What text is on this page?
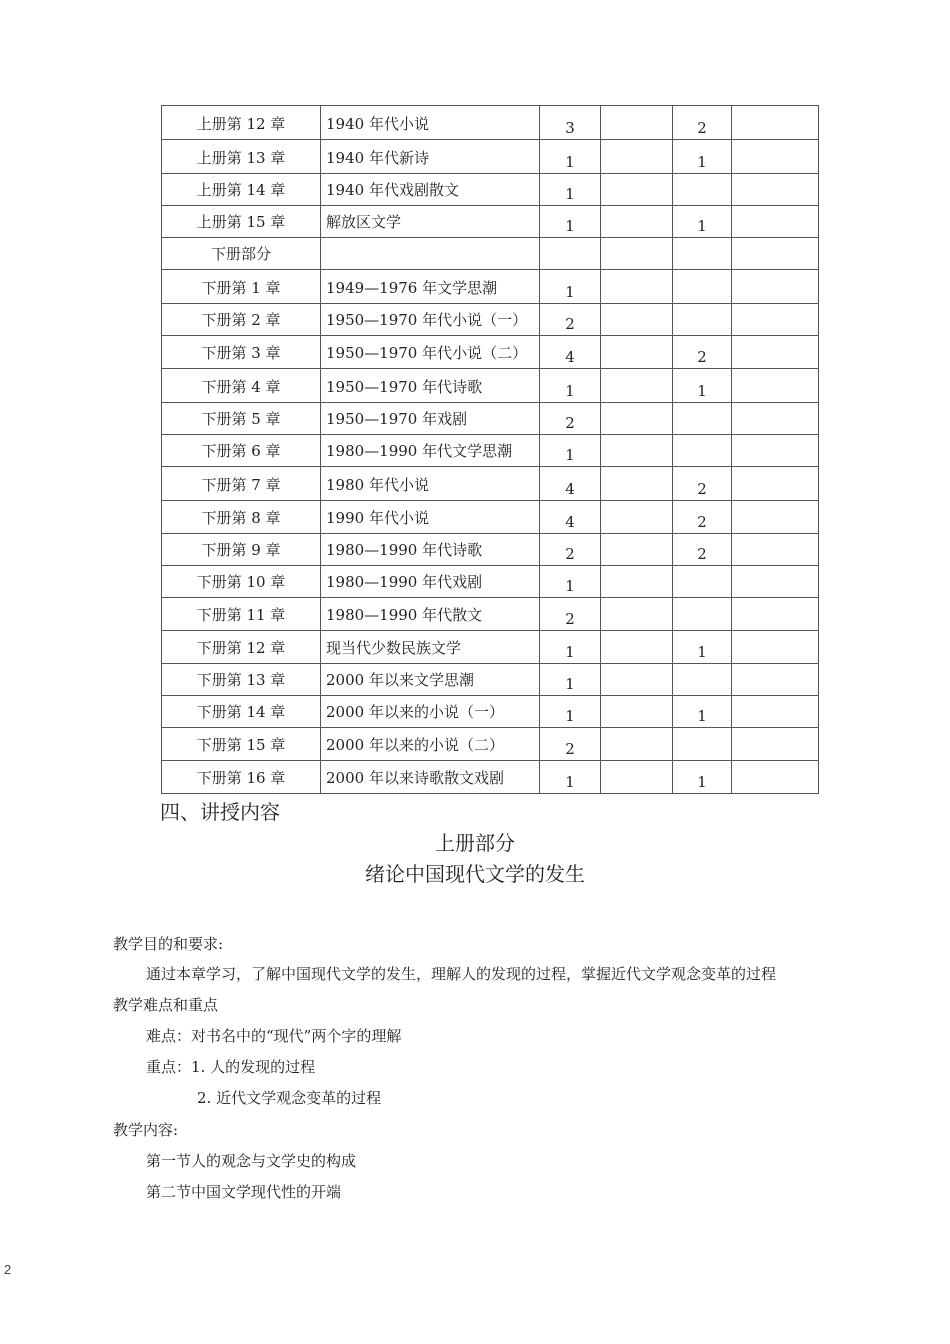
上册第 12 章	1940 年代小说	3		2	
上册第 13 章	1940 年代新诗	1		1	
上册第 14 章	1940 年代戏剧散文	1			
上册第 15 章	解放区文学	1		1	
下册部分					
下册第 1 章	1949—1976 年文学思潮	1			
下册第 2 章	1950—1970 年代小说（一）	2			
下册第 3 章	1950—1970 年代小说（二）	4		2	
下册第 4 章	1950—1970 年代诗歌	1		1	
下册第 5 章	1950—1970 年戏剧	2			
下册第 6 章	1980—1990 年代文学思潮	1			
下册第 7 章	1980 年代小说	4		2	
下册第 8 章	1990 年代小说	4		2	
下册第 9 章	1980—1990 年代诗歌	2		2	
下册第 10 章	1980—1990 年代戏剧	1			
下册第 11 章	1980—1990 年代散文	2			
下册第 12 章	现当代少数民族文学	1		1	
下册第 13 章	2000 年以来文学思潮	1			
下册第 14 章	2000 年以来的小说（一）	1		1	
下册第 15 章	2000 年以来的小说（二）	2			
下册第 16 章	2000 年以来诗歌散文戏剧	1		1	
四、讲授内容
上册部分
绪论中国现代文学的发生
教学目的和要求:
通过本章学习，了解中国现代文学的发生，理解人的发现的过程，掌握近代文学观念变革的过程
教学难点和重点
难点：对书名中的“现代”两个字的理解
重点：1. 人的发现的过程
2. 近代文学观念变革的过程
教学内容:
第一节人的观念与文学史的构成
第二节中国文学现代性的开端
2
